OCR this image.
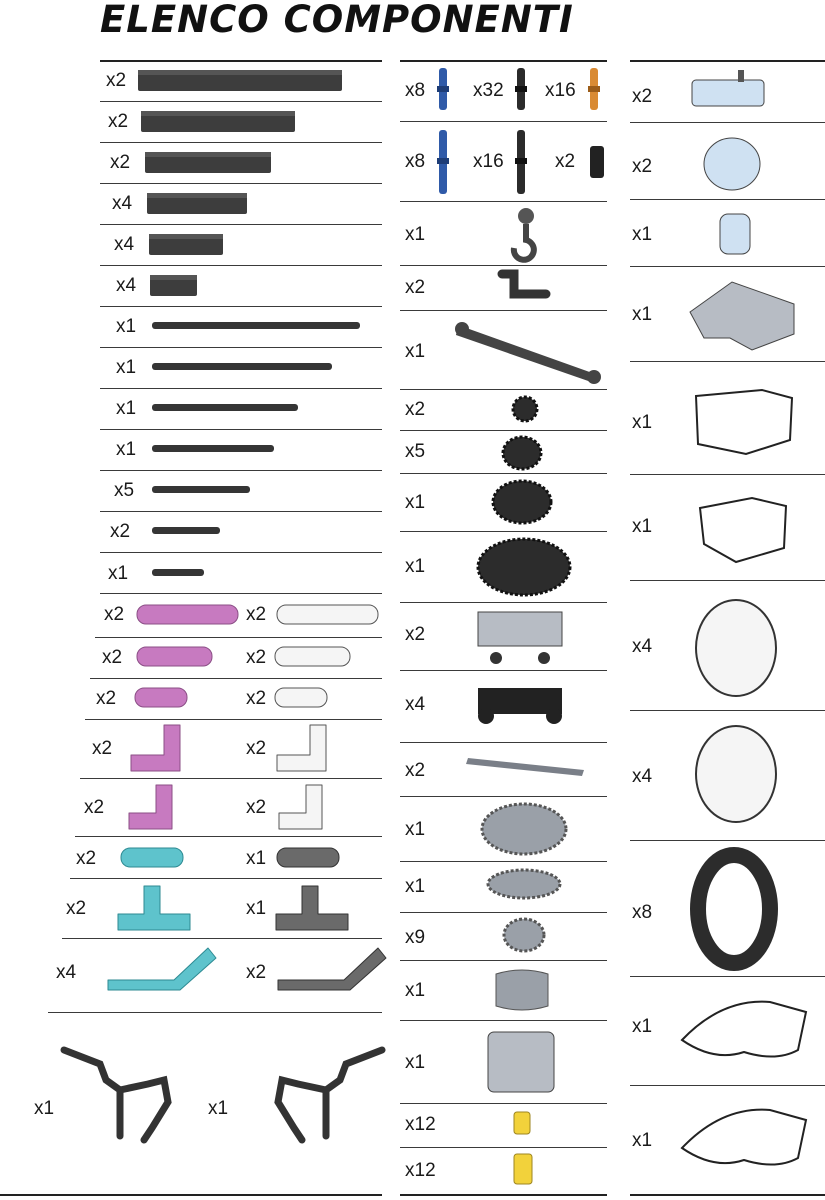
ELENCO COMPONENTI
x2
x2
x2
x4
x4
x4
x1
x1
x1
x1
x5
x2
x1
x2	x2
x2	x2
x2	x2
x2	x2
x2	x2
x2	x1
x2	x1
x4	x2
x1	x1
x8	x32 x16
x8	x16	x2
x1
x2
x1
x2
x5
x1
x1
x2
x4
x2
x1
x1
x9
x1
x1
x12
x12
x2
x2
x1
x1
x1
x1
x4
x4
x8
x1
x1
